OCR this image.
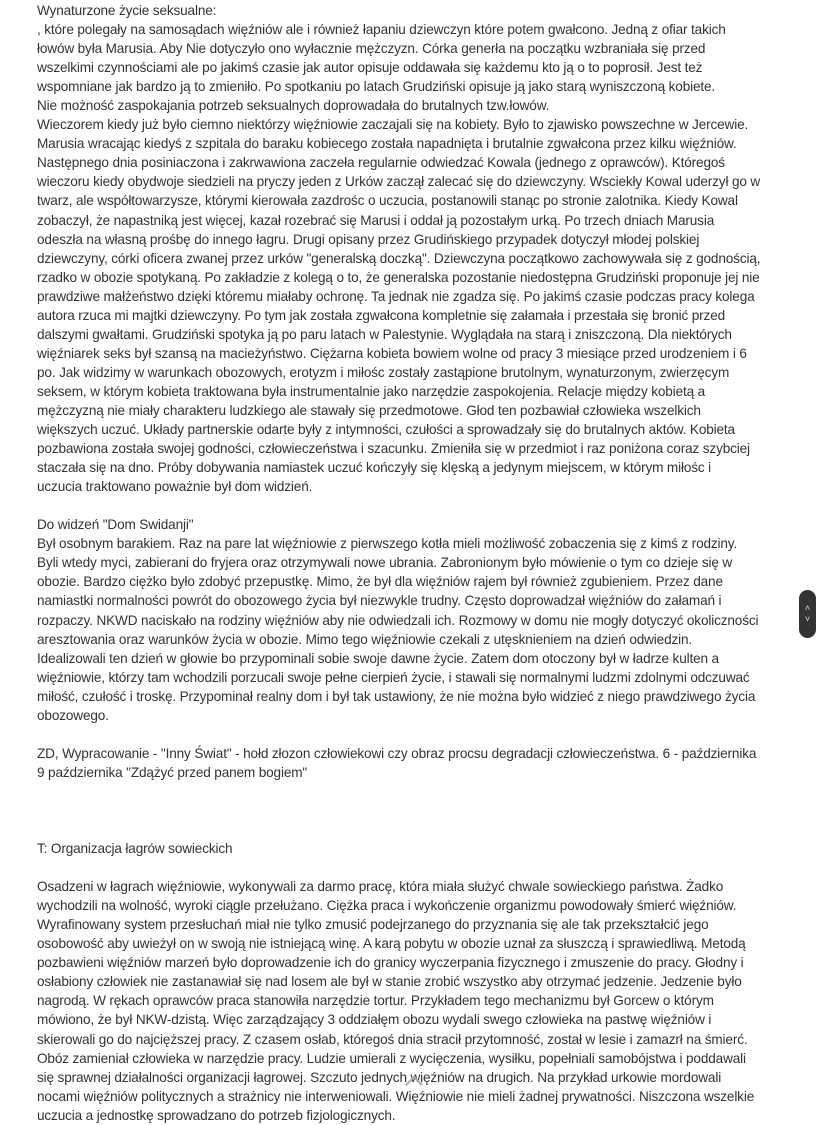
Wynaturzone życie seksualne:
, które polegały na samosądach więźniów ale i również łapaniu dziewczyn które potem gwałcono. Jedną z ofiar takich
łowów była Marusia. Aby Nie dotyczyło ono wyłacznie mężczyzn. Córka generła na początku wzbraniała się przed
wszelkimi czynnościami ale po jakimś czasie jak autor opisuje oddawała się każdemu kto ją o to poprosił. Jest też
wspomniane jak bardzo ją to zmieniło. Po spotkaniu po latach Grudziński opisuje ją jako starą wyniszczoną kobiete.
Nie możność zaspokajania potrzeb seksualnych doprowadała do brutalnych tzw.łowów.
Wieczorem kiedy już było ciemno niektórzy więźniowie zaczajali się na kobiety. Było to zjawisko powszechne w Jercewie.
Marusia wracając kiedyś z szpitala do baraku kobiecego została napadnięta i brutalnie zgwałcona przez kilku więźniów.
Następnego dnia posiniaczona i zakrwawiona zaczeła regularnie odwiedzać Kowala (jednego z oprawców). Któregoś
wieczoru kiedy obydwoje siedzieli na pryczy jeden z Urków zaczął zalecać się do dziewczyny. Wsciekły Kowal uderzył go w
twarz, ale współtowarzysze, którymi kierowała zazdrośc o uczucia, postanowili stanąc po stronie zalotnika. Kiedy Kowal
zobaczył, że napastniką jest więcej, kazał rozebrać się Marusi i oddał ją pozostałym urką. Po trzech dniach Marusia
odeszła na własną prośbę do innego łagru. Drugi opisany przez Grudińskiego przypadek dotyczył młodej polskiej
dziewczyny, córki oficera zwanej przez urków "generalską doczką". Dziewczyna początkowo zachowywała się z godnością,
rzadko w obozie spotykaną. Po zakładzie z kolegą o to, że generalska pozostanie niedostępna Grudziński proponuje jej nie
prawdziwe małżeństwo dzięki któremu miałaby ochronę. Ta jednak nie zgadza się. Po jakimś czasie podczas pracy kolega
autora rzuca mi majtki dziewczyny. Po tym jak została zgwałcona kompletnie się załamała i przestała się bronić przed
dalszymi gwałtami. Grudziński spotyka ją po paru latach w Palestynie. Wyglądała na starą i zniszczoną. Dla niektórych
więźniarek seks był szansą na macieżyństwo. Ciężarna kobieta bowiem wolne od pracy 3 miesiące przed urodzeniem i 6
po. Jak widzimy w warunkach obozowych, erotyzm i miłośc zostały zastąpione brutolnym, wynaturzonym, zwierzęcym
seksem, w którym kobieta traktowana była instrumentalnie jako narzędzie zaspokojenia. Relacje między kobietą a
mężczyzną nie miały charakteru ludzkiego ale stawały się przedmotowe. Głod ten pozbawiał człowieka wszelkich
większych uczuć. Układy partnerskie odarte były z intymności, czułości a sprowadzały się do brutalnych aktów. Kobieta
pozbawiona została swojej godności, człowieczeństwa i szacunku. Zmieniła się w przedmiot i raz poniżona coraz szybciej
staczała się na dno. Próby dobywania namiastek uczuć kończyły się klęską a jedynym miejscem, w którym miłośc i
uczucia traktowano poważnie był dom widzień.
Do widzeń "Dom Swidanji"
Był osobnym barakiem. Raz na pare lat więźniowie z pierwszego kotła mieli możliwość zobaczenia się z kimś z rodziny.
Byli wtedy myci, zabierani do fryjera oraz otrzymywali nowe ubrania. Zabronionym było mówienie o tym co dzieje się w
obozie. Bardzo ciężko było zdobyć przepustkę. Mimo, że był dla więźniów rajem był również zgubieniem. Przez dane
namiastki normalności powrót do obozowego życia był niezwykle trudny. Często doprowadzał więźniów do załamań i
rozpaczy. NKWD naciskało na rodziny więźniów aby nie odwiedzali ich. Rozmowy w domu nie mogły dotyczyć okoliczności
aresztowania oraz warunków życia w obozie. Mimo tego więźniowie czekali z utęsknieniem na dzień odwiedzin.
Idealizowali ten dzień w głowie bo przypominali sobie swoje dawne życie. Zatem dom otoczony był w ładrze kulten a
więźniowie, którzy tam wchodzili porzucali swoje pełne cierpień życie, i stawali się normalnymi ludzmi zdolnymi odczuwać
miłość, czułość i troskę. Przypominał realny dom i był tak ustawiony, że nie można było widzieć z niego prawdziwego życia
obozowego.
ZD, Wypracowanie - "Inny Świat" - hołd złozon człowiekowi czy obraz procsu degradacji człowieczeństwa. 6 - października
9 października "Zdążyć przed panem bogiem"
T: Organizacja łagrów sowieckich
Osadzeni w łagrach więźniowie, wykonywali za darmo pracę, która miała służyć chwale sowieckiego państwa. Żadko
wychodzili na wolność, wyroki ciągle przełużano. Ciężka praca i wykończenie organizmu powodowały śmierć więźniów.
Wyrafinowany system przesłuchań miał nie tylko zmusić podejrzanego do przyznania się ale tak przekształcić jego
osobowość aby uwieżył on w swoją nie istniejącą winę. A karą pobytu w obozie uznał za słuszczą i sprawiedliwą. Metodą
pozbawieni więźniów marzeń było doprowadzenie ich do granicy wyczerpania fizycznego i zmuszenie do pracy. Głodny i
osłabiony człowiek nie zastanawiał się nad losem ale był w stanie zrobić wszystko aby otrzymać jedzenie. Jedzenie było
nagrodą. W rękach oprawców praca stanowiła narzędzie tortur. Przykładem tego mechanizmu był Gorcew o którym
mówiono, że był NKW-dzistą. Więc zarządzający 3 oddziałęm obozu wydali swego człowieka na pastwę więźniów i
skierowali go do najcięższej pracy. Z czasem osłab, któregoś dnia stracił przytomność, został w lesie i zamazrł na śmierć.
Obóz zamieniał człowieka w narzędzie pracy. Ludzie umierali z wycięczenia, wysiłku, popełniali samobójstwa i poddawali
się sprawnej działalności organizacji łagrowej. Szczuto jednych więźniów na drugich. Na przykład urkowie mordowali
nocami więźniów politycznych a strażnicy nie interweniowali. Więźniowie nie mieli żadnej prywatności. Niszczona wszelkie
uczucia a jednostkę sprowadzano do potrzeb fizjologicznych.
˄
˅
